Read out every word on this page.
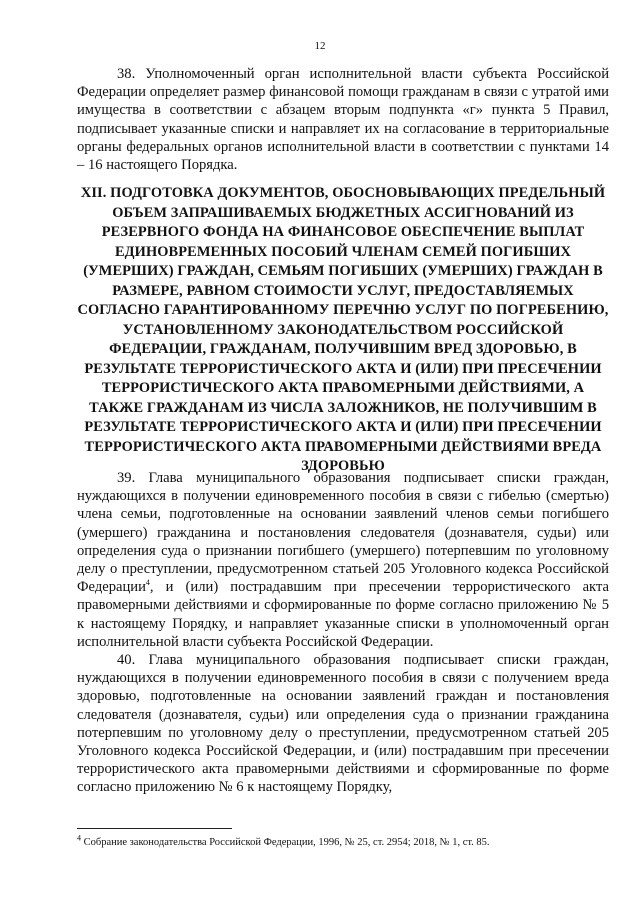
12

38. Уполномоченный орган исполнительной власти субъекта Российской Федерации определяет размер финансовой помощи гражданам в связи с утратой ими имущества в соответствии с абзацем вторым подпункта «г» пункта 5 Правил, подписывает указанные списки и направляет их на согласование в территориальные органы федеральных органов исполнительной власти в соответствии с пунктами 14 – 16 настоящего Порядка.

XII. ПОДГОТОВКА ДОКУМЕНТОВ, ОБОСНОВЫВАЮЩИХ ПРЕДЕЛЬНЫЙ ОБЪЕМ ЗАПРАШИВАЕМЫХ БЮДЖЕТНЫХ АССИГНОВАНИЙ ИЗ РЕЗЕРВНОГО ФОНДА НА ФИНАНСОВОЕ ОБЕСПЕЧЕНИЕ ВЫПЛАТ ЕДИНОВРЕМЕННЫХ ПОСОБИЙ ЧЛЕНАМ СЕМЕЙ ПОГИБШИХ (УМЕРШИХ) ГРАЖДАН, СЕМЬЯМ ПОГИБШИХ (УМЕРШИХ) ГРАЖДАН В РАЗМЕРЕ, РАВНОМ СТОИМОСТИ УСЛУГ, ПРЕДОСТАВЛЯЕМЫХ СОГЛАСНО ГАРАНТИРОВАННОМУ ПЕРЕЧНЮ УСЛУГ ПО ПОГРЕБЕНИЮ, УСТАНОВЛЕННОМУ ЗАКОНОДАТЕЛЬСТВОМ РОССИЙСКОЙ ФЕДЕРАЦИИ, ГРАЖДАНАМ, ПОЛУЧИВШИМ ВРЕД ЗДОРОВЬЮ, В РЕЗУЛЬТАТЕ ТЕРРОРИСТИЧЕСКОГО АКТА И (ИЛИ) ПРИ ПРЕСЕЧЕНИИ ТЕРРОРИСТИЧЕСКОГО АКТА ПРАВОМЕРНЫМИ ДЕЙСТВИЯМИ, А ТАКЖЕ ГРАЖДАНАМ ИЗ ЧИСЛА ЗАЛОЖНИКОВ, НЕ ПОЛУЧИВШИМ В РЕЗУЛЬТАТЕ ТЕРРОРИСТИЧЕСКОГО АКТА И (ИЛИ) ПРИ ПРЕСЕЧЕНИИ ТЕРРОРИСТИЧЕСКОГО АКТА ПРАВОМЕРНЫМИ ДЕЙСТВИЯМИ ВРЕДА ЗДОРОВЬЮ

39. Глава муниципального образования подписывает списки граждан, нуждающихся в получении единовременного пособия в связи с гибелью (смертью) члена семьи, подготовленные на основании заявлений членов семьи погибшего (умершего) гражданина и постановления следователя (дознавателя, судьи) или определения суда о признании погибшего (умершего) потерпевшим по уголовному делу о преступлении, предусмотренном статьей 205 Уголовного кодекса Российской Федерации$^4$, и (или) пострадавшим при пресечении террористического акта правомерными действиями и сформированные по форме согласно приложению № 5 к настоящему Порядку, и направляет указанные списки в уполномоченный орган исполнительной власти субъекта Российской Федерации.

40. Глава муниципального образования подписывает списки граждан, нуждающихся в получении единовременного пособия в связи с получением вреда здоровью, подготовленные на основании заявлений граждан и постановления следователя (дознавателя, судьи) или определения суда о признании гражданина потерпевшим по уголовному делу о преступлении, предусмотренном статьей 205 Уголовного кодекса Российской Федерации, и (или) пострадавшим при пресечении террористического акта правомерными действиями и сформированные по форме согласно приложению № 6 к настоящему Порядку,

$^4$ Собрание законодательства Российской Федерации, 1996, № 25, ст. 2954; 2018, № 1, ст. 85.
